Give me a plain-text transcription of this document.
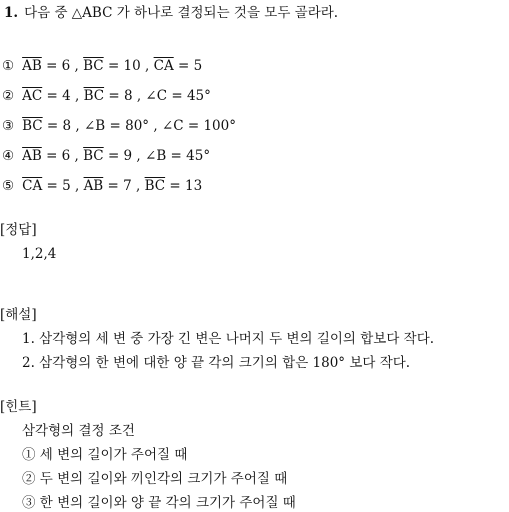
1. 다음 중 △ABC 가 하나로 결정되는 것을 모두 골라라.
① $\overline{AB} = 6$ , $\overline{BC} = 10$ , $\overline{CA} = 5$
② $\overline{AC} = 4$ , $\overline{BC} = 8$ , ∠C = 45°
③ $\overline{BC} = 8$ , ∠B = 80° , ∠C = 100°
④ $\overline{AB} = 6$ , $\overline{BC} = 9$ , ∠B = 45°
⑤ $\overline{CA} = 5$ , $\overline{AB} = 7$ , $\overline{BC} = 13$
[정답]
1,2,4
[해설]
1. 삼각형의 세 변 중 가장 긴 변은 나머지 두 변의 길이의 합보다 작다.
2. 삼각형의 한 변에 대한 양 끝 각의 크기의 합은 180° 보다 작다.
[힌트]
삼각형의 결정 조건
① 세 변의 길이가 주어질 때
② 두 변의 길이와 끼인각의 크기가 주어질 때
③ 한 변의 길이와 양 끝 각의 크기가 주어질 때
